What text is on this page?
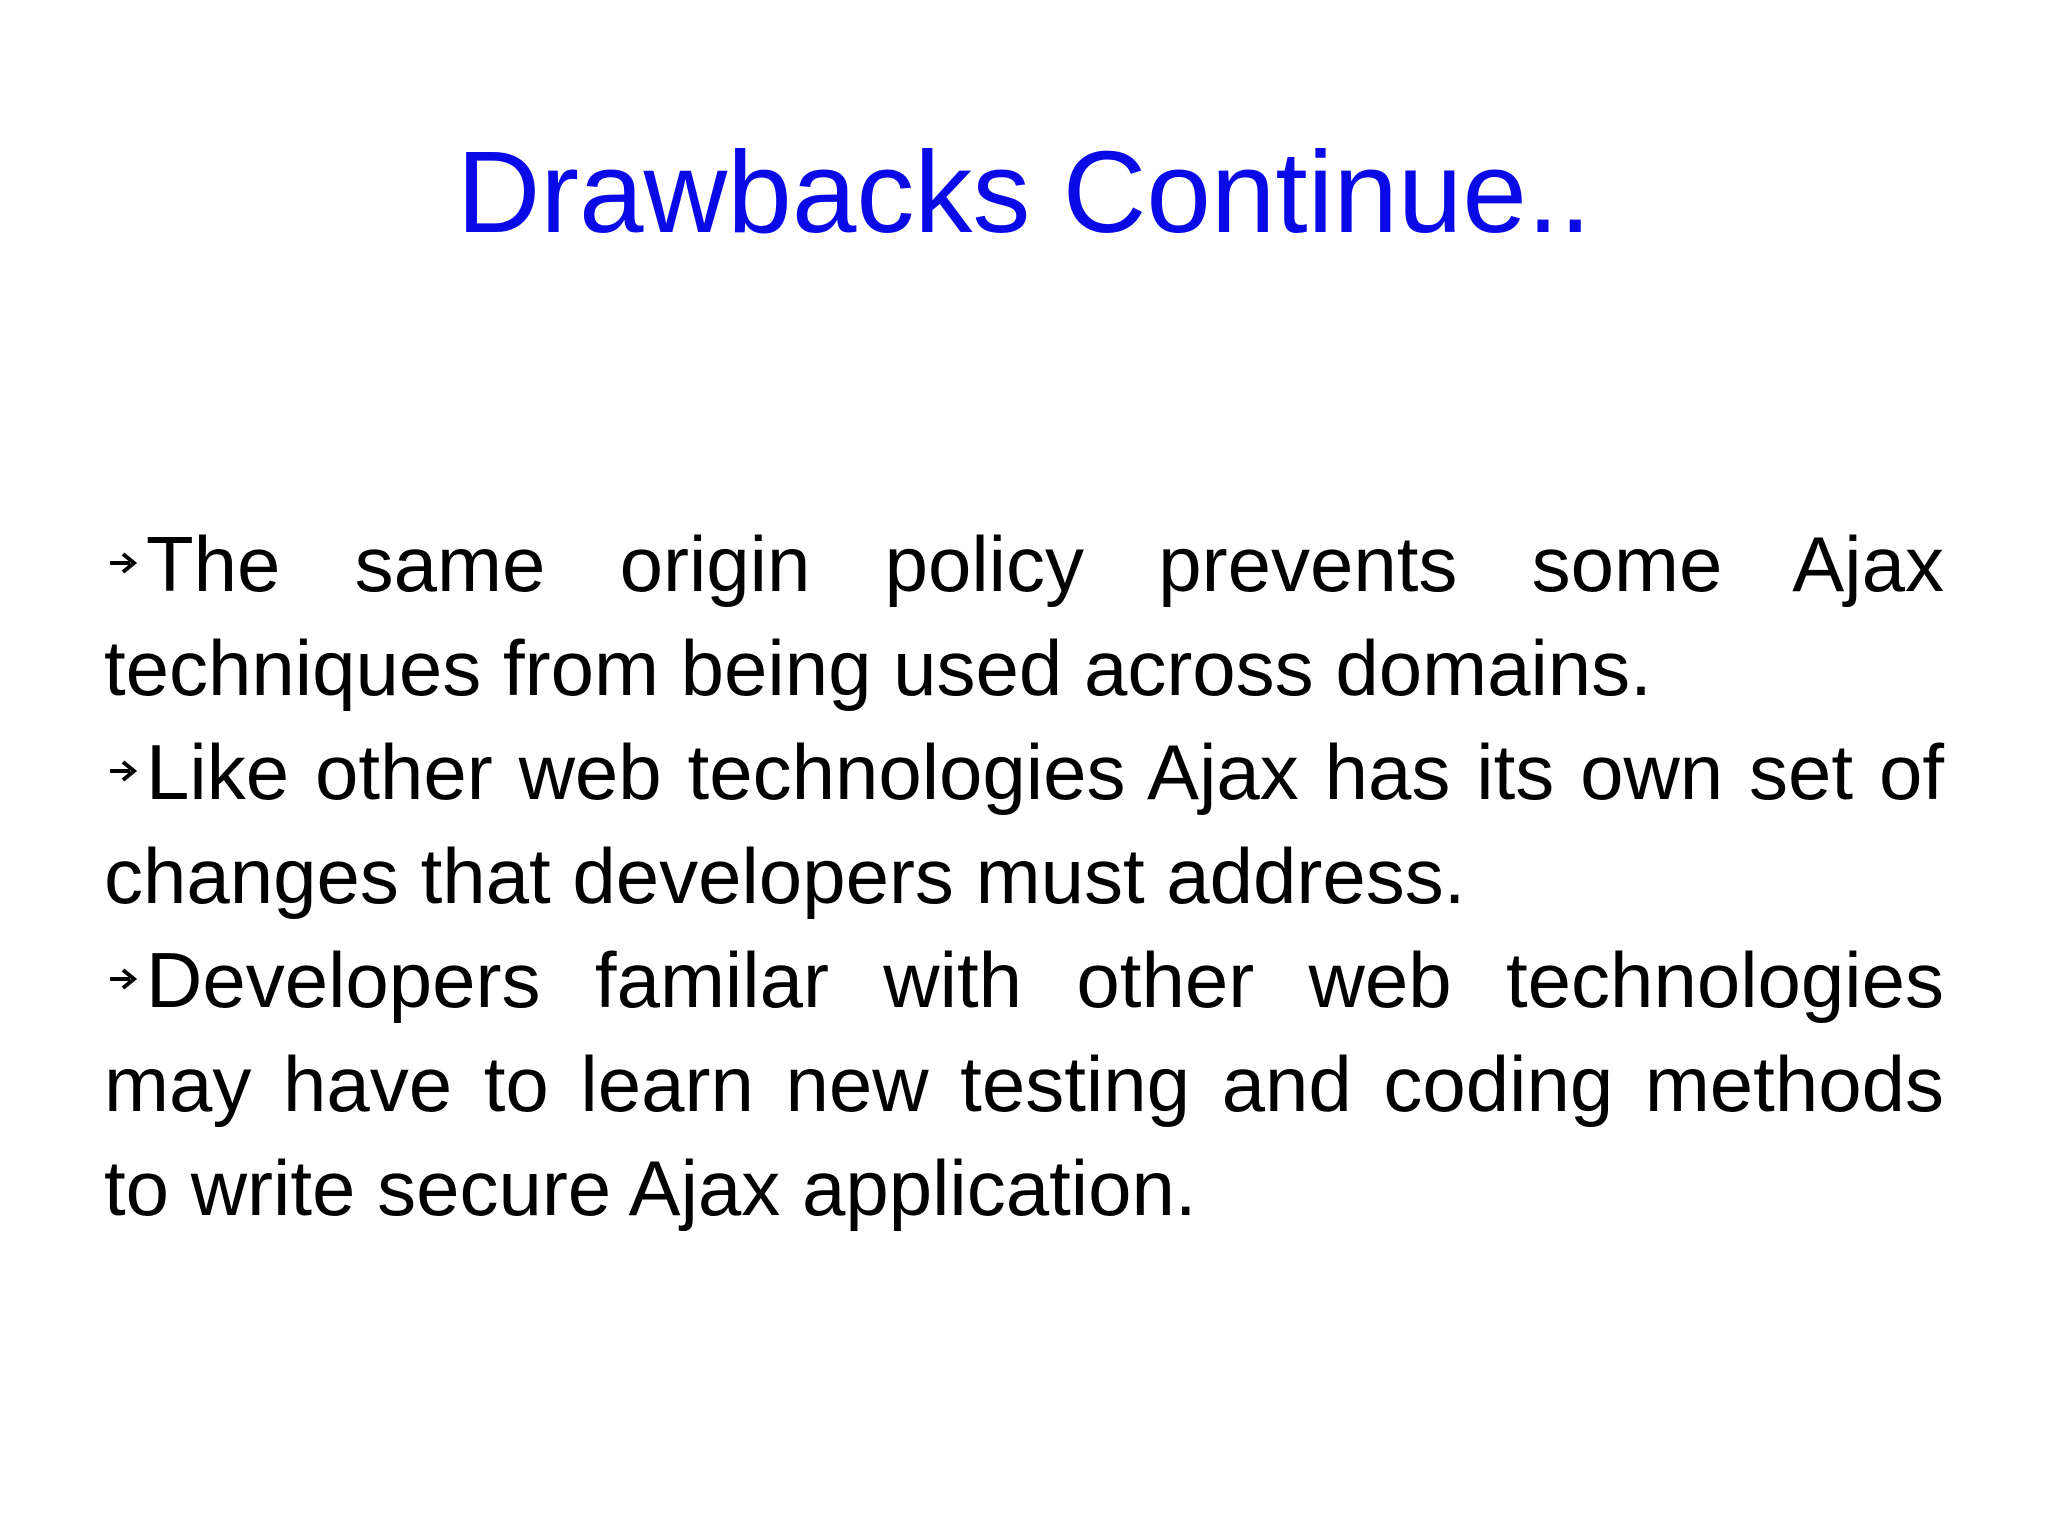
Drawbacks Continue..

The same origin policy prevents some Ajax techniques from being used across domains.

Like other web technologies Ajax has its own set of changes that developers must address.

Developers familar with other web technologies may have to learn new testing and coding methods to write secure Ajax application.
